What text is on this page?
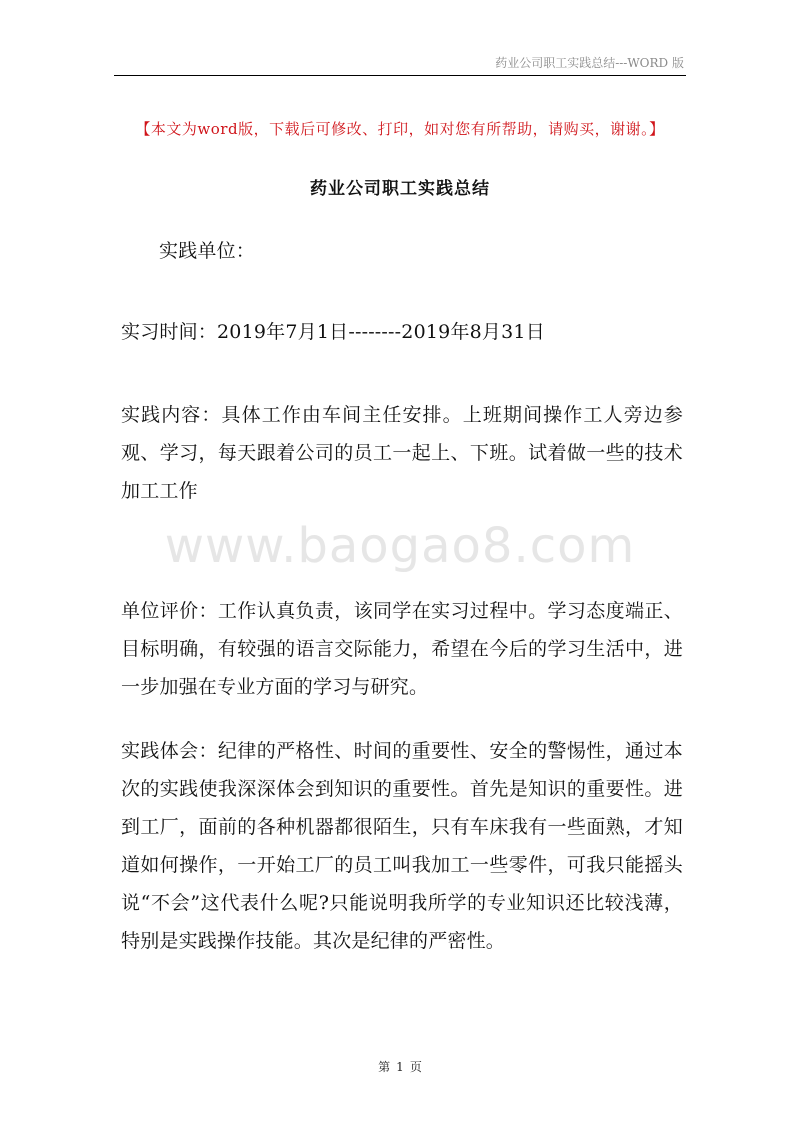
药业公司职工实践总结---WORD 版
【本文为word版，下载后可修改、打印，如对您有所帮助，请购买，谢谢。】
药业公司职工实践总结

实践单位：

实习时间：2019年7月1日--------2019年8月31日

实践内容：具体工作由车间主任安排。上班期间操作工人旁边参观、学习，每天跟着公司的员工一起上、下班。试着做一些的技术加工工作

www.baogao8.com

单位评价：工作认真负责，该同学在实习过程中。学习态度端正、目标明确，有较强的语言交际能力，希望在今后的学习生活中，进一步加强在专业方面的学习与研究。

实践体会：纪律的严格性、时间的重要性、安全的警惕性，通过本次的实践使我深深体会到知识的重要性。首先是知识的重要性。进到工厂，面前的各种机器都很陌生，只有车床我有一些面熟，才知道如何操作，一开始工厂的员工叫我加工一些零件，可我只能摇头说“不会”这代表什么呢?只能说明我所学的专业知识还比较浅薄，特别是实践操作技能。其次是纪律的严密性。

第 1 页
